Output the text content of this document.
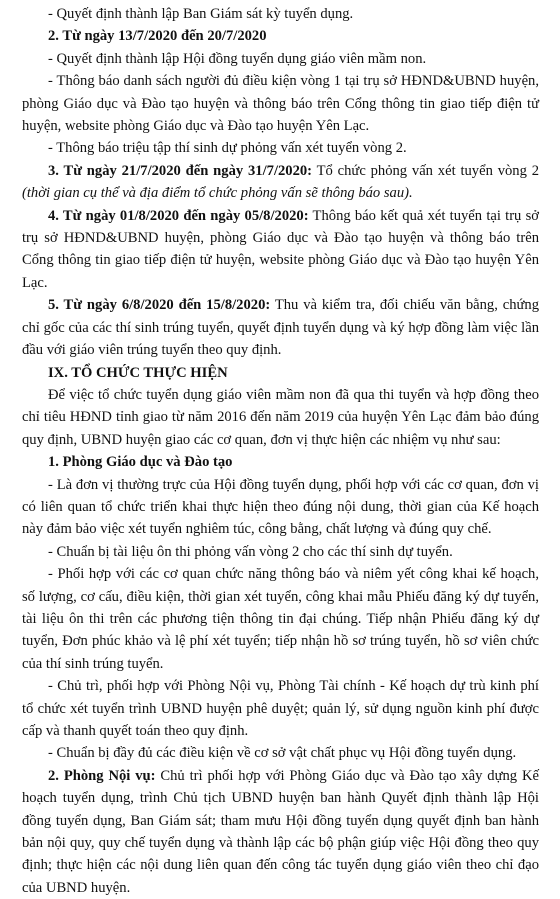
- Quyết định thành lập Ban Giám sát kỳ tuyển dụng.

2. Từ ngày 13/7/2020 đến 20/7/2020

- Quyết định thành lập Hội đồng tuyển dụng giáo viên mầm non.

- Thông báo danh sách người đủ điều kiện vòng 1 tại trụ sở HĐND&UBND huyện, phòng Giáo dục và Đào tạo huyện và thông báo trên Cổng thông tin giao tiếp điện tử huyện, website phòng Giáo dục và Đào tạo huyện Yên Lạc.

- Thông báo triệu tập thí sinh dự phỏng vấn xét tuyển vòng 2.

3. Từ ngày 21/7/2020 đến ngày 31/7/2020: Tổ chức phỏng vấn xét tuyển vòng 2 (thời gian cụ thể và địa điểm tổ chức phỏng vấn sẽ thông báo sau).

4. Từ ngày 01/8/2020 đến ngày 05/8/2020: Thông báo kết quả xét tuyển tại trụ sở trụ sở HĐND&UBND huyện, phòng Giáo dục và Đào tạo huyện và thông báo trên Cổng thông tin giao tiếp điện tử huyện, website phòng Giáo dục và Đào tạo huyện Yên Lạc.

5. Từ ngày 6/8/2020 đến 15/8/2020: Thu và kiểm tra, đối chiếu văn bằng, chứng chỉ gốc của các thí sinh trúng tuyển, quyết định tuyển dụng và ký hợp đồng làm việc lần đầu với giáo viên trúng tuyển theo quy định.

IX. TỔ CHỨC THỰC HIỆN

Để việc tổ chức tuyển dụng giáo viên mầm non đã qua thi tuyển và hợp đồng theo chỉ tiêu HĐND tỉnh giao từ năm 2016 đến năm 2019 của huyện Yên Lạc đảm bảo đúng quy định, UBND huyện giao các cơ quan, đơn vị thực hiện các nhiệm vụ như sau:

1. Phòng Giáo dục và Đào tạo

- Là đơn vị thường trực của Hội đồng tuyển dụng, phối hợp với các cơ quan, đơn vị có liên quan tổ chức triển khai thực hiện theo đúng nội dung, thời gian của Kế hoạch này đảm bảo việc xét tuyển nghiêm túc, công bằng, chất lượng và đúng quy chế.

- Chuẩn bị tài liệu ôn thi phỏng vấn vòng 2 cho các thí sinh dự tuyển.

- Phối hợp với các cơ quan chức năng thông báo và niêm yết công khai kế hoạch, số lượng, cơ cấu, điều kiện, thời gian xét tuyển, công khai mẫu Phiếu đăng ký dự tuyển, tài liệu ôn thi trên các phương tiện thông tin đại chúng. Tiếp nhận Phiếu đăng ký dự tuyển, Đơn phúc khảo và lệ phí xét tuyển; tiếp nhận hồ sơ trúng tuyển, hồ sơ viên chức của thí sinh trúng tuyển.

- Chủ trì, phối hợp với Phòng Nội vụ, Phòng Tài chính - Kế hoạch dự trù kinh phí tổ chức xét tuyển trình UBND huyện phê duyệt; quản lý, sử dụng nguồn kinh phí được cấp và thanh quyết toán theo quy định.

- Chuẩn bị đầy đủ các điều kiện về cơ sở vật chất phục vụ Hội đồng tuyển dụng.

2. Phòng Nội vụ: Chủ trì phối hợp với Phòng Giáo dục và Đào tạo xây dựng Kế hoạch tuyển dụng, trình Chủ tịch UBND huyện ban hành Quyết định thành lập Hội đồng tuyển dụng, Ban Giám sát; tham mưu Hội đồng tuyển dụng quyết định ban hành bản nội quy, quy chế tuyển dụng và thành lập các bộ phận giúp việc Hội đồng theo quy định; thực hiện các nội dung liên quan đến công tác tuyển dụng giáo viên theo chỉ đạo của UBND huyện.
